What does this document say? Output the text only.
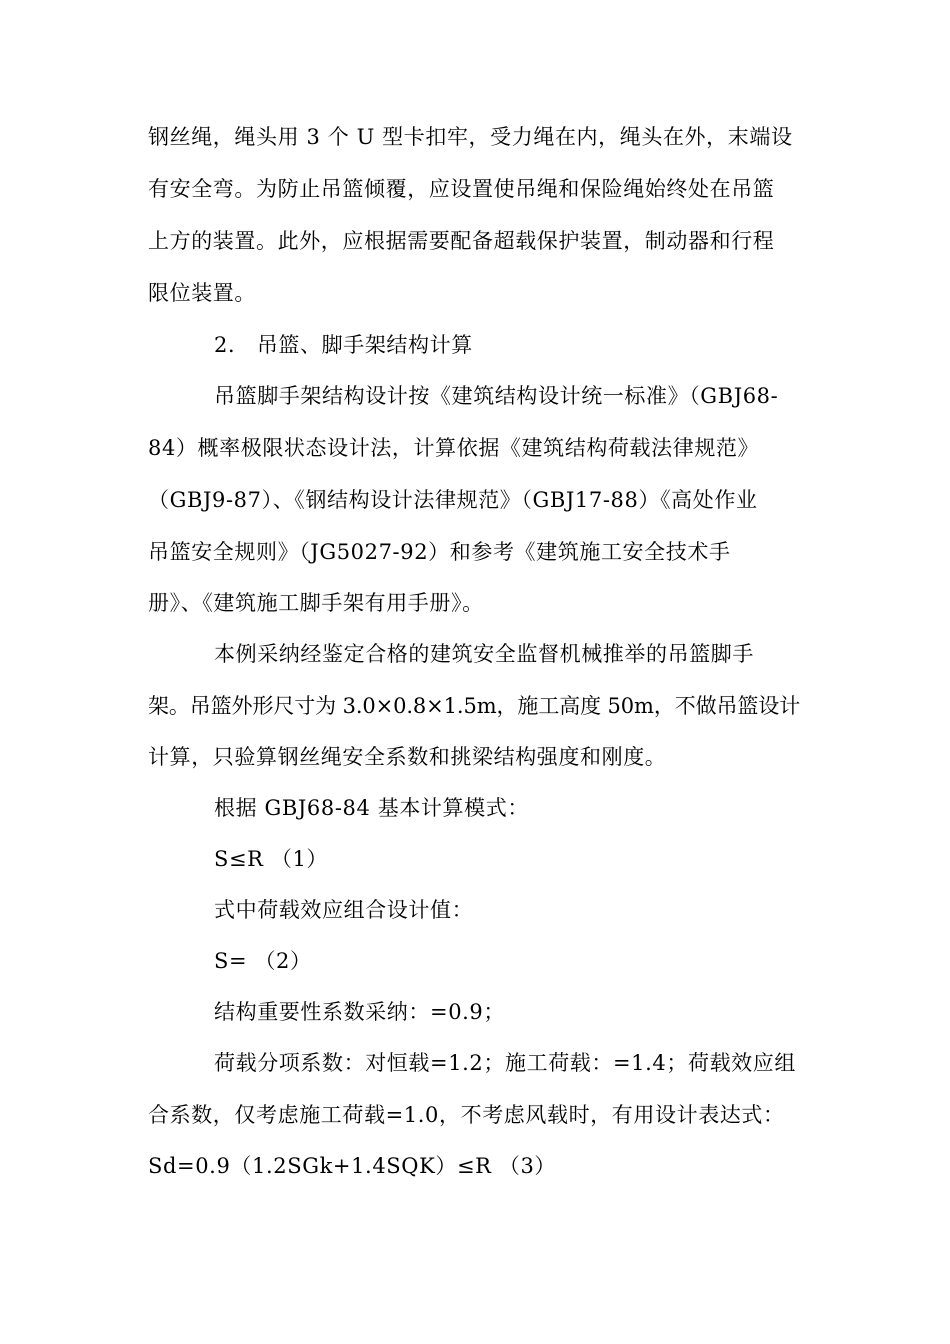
钢丝绳，绳头用 3 个 U 型卡扣牢，受力绳在内，绳头在外，末端设
有安全弯。为防止吊篮倾覆，应设置使吊绳和保险绳始终处在吊篮
上方的装置。此外，应根据需要配备超载保护装置，制动器和行程
限位装置。
2． 吊篮、脚手架结构计算
吊篮脚手架结构设计按《建筑结构设计统一标准》（GBJ68-
84）概率极限状态设计法，计算依据《建筑结构荷载法律规范》
（GBJ9-87）、《钢结构设计法律规范》（GBJ17-88）《高处作业
吊篮安全规则》（JG5027-92）和参考《建筑施工安全技术手
册》、《建筑施工脚手架有用手册》。
本例采纳经鉴定合格的建筑安全监督机械推举的吊篮脚手
架。吊篮外形尺寸为 3.0×0.8×1.5m，施工高度 50m，不做吊篮设计
计算，只验算钢丝绳安全系数和挑梁结构强度和刚度。
根据 GBJ68-84 基本计算模式：
S≤R （1）
式中荷载效应组合设计值：
S= （2）
结构重要性系数采纳：=0.9；
荷载分项系数：对恒载=1.2；施工荷载：=1.4；荷载效应组
合系数，仅考虑施工荷载=1.0，不考虑风载时，有用设计表达式：
Sd=0.9（1.2SGk+1.4SQK）≤R （3）
